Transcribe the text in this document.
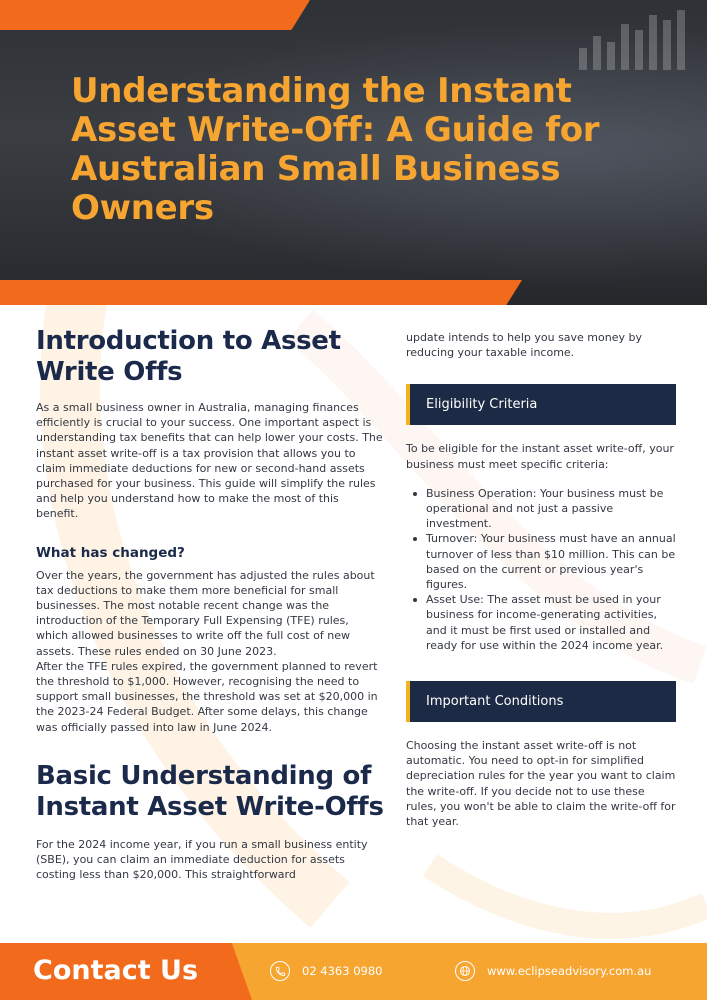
Understanding the Instant Asset Write-Off: A Guide for Australian Small Business Owners
Introduction to Asset Write Offs

As a small business owner in Australia, managing finances efficiently is crucial to your success. One important aspect is understanding tax benefits that can help lower your costs. The instant asset write-off is a tax provision that allows you to claim immediate deductions for new or second-hand assets purchased for your business. This guide will simplify the rules and help you understand how to make the most of this benefit.

What has changed?

Over the years, the government has adjusted the rules about tax deductions to make them more beneficial for small businesses. The most notable recent change was the introduction of the Temporary Full Expensing (TFE) rules, which allowed businesses to write off the full cost of new assets. These rules ended on 30 June 2023.

After the TFE rules expired, the government planned to revert the threshold to $1,000. However, recognising the need to support small businesses, the threshold was set at $20,000 in the 2023-24 Federal Budget. After some delays, this change was officially passed into law in June 2024.

Basic Understanding of Instant Asset Write-Offs

For the 2024 income year, if you run a small business entity (SBE), you can claim an immediate deduction for assets costing less than $20,000. This straightforward

update intends to help you save money by reducing your taxable income.

Eligibility Criteria

To be eligible for the instant asset write-off, your business must meet specific criteria:

Business Operation: Your business must be operational and not just a passive investment.
Turnover: Your business must have an annual turnover of less than $10 million. This can be based on the current or previous year's figures.
Asset Use: The asset must be used in your business for income-generating activities, and it must be first used or installed and ready for use within the 2024 income year.
Important Conditions

Choosing the instant asset write-off is not automatic. You need to opt-in for simplified depreciation rules for the year you want to claim the write-off. If you decide not to use these rules, you won't be able to claim the write-off for that year.

Contact Us	02 4363 0980	www.eclipseadvisory.com.au
